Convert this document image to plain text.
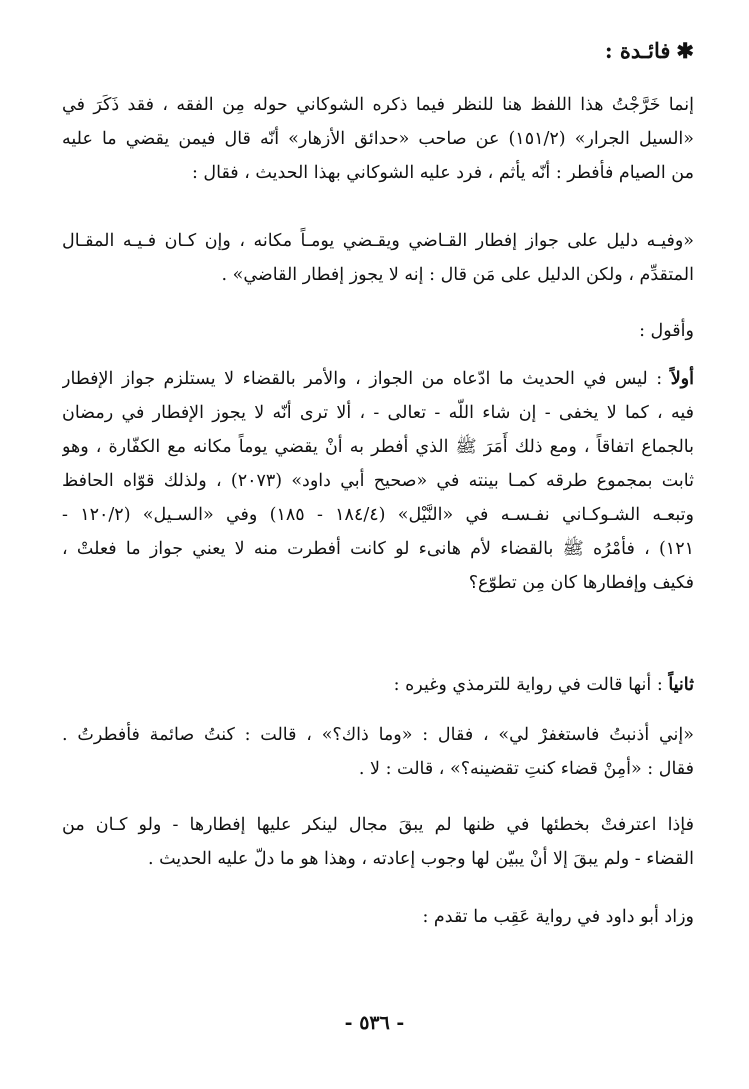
✱فائـدة :
إنما خَرَّجْتُ هذا اللفظ هنا للنظر فيما ذكره الشوكاني حوله مِن الفقه ، فقد ذَكَرَ في
«السيل الجرار» (١٥١/٢) عن صاحب «حدائق الأزهار» أنّه قال فيمن يقضي ما عليه
من الصيام فأفطر : أنّه يأثم ، فرد عليه الشوكاني بهذا الحديث ، فقال :
«وفيـه دليل على جواز إفطار القـاضي ويقـضي يومـاً مكانه ، وإن كـان فـيـه المقـال
المتقدِّم ، ولكن الدليل على مَن قال : إنه لا يجوز إفطار القاضي» .
وأقول :
أولاً : ليس في الحديث ما ادّعاه من الجواز ، والأمر بالقضاء لا يستلزم جواز الإفطار
فيه ، كما لا يخفى - إن شاء اللّه - تعالى - ، ألا ترى أنّه لا يجوز الإفطار في رمضان
بالجماع اتفاقاً ، ومع ذلك أَمَرَ ﷺ الذي أفطر به أنْ يقضي يوماً مكانه مع الكفّارة ، وهو
ثابت بمجموع طرقه كمـا بينته في «صحيح أبي داود» (٢٠٧٣) ، ولذلك قوّاه الحافظ
وتبعـه الشـوكـاني نفـسـه في «النَّيْل» (١٨٤/٤ - ١٨٥) وفي «السـيل» (١٢٠/٢ -
١٢١) ، فأمْرُه ﷺ بالقضاء لأم هانىء لو كانت أفطرت منه لا يعني جواز ما فعلتْ ،
فكيف وإفطارها كان مِن تطوّع؟
ثانياً : أنها قالت في رواية للترمذي وغيره :
«إني أذنبتُ فاستغفرْ لي» ، فقال : «وما ذاك؟» ، قالت : كنتُ صائمة فأفطرتُ .
فقال : «أمِنْ قضاء كنتِ تقضينه؟» ، قالت : لا .
فإذا اعترفتْ بخطئها في ظنها لم يبقَ مجال لينكر عليها إفطارها - ولو كـان من
القضاء - ولم يبقَ إلا أنْ يبيّن لها وجوب إعادته ، وهذا هو ما دلّ عليه الحديث .
وزاد أبو داود في رواية عَقِب ما تقدم :
- ٥٣٦ -
